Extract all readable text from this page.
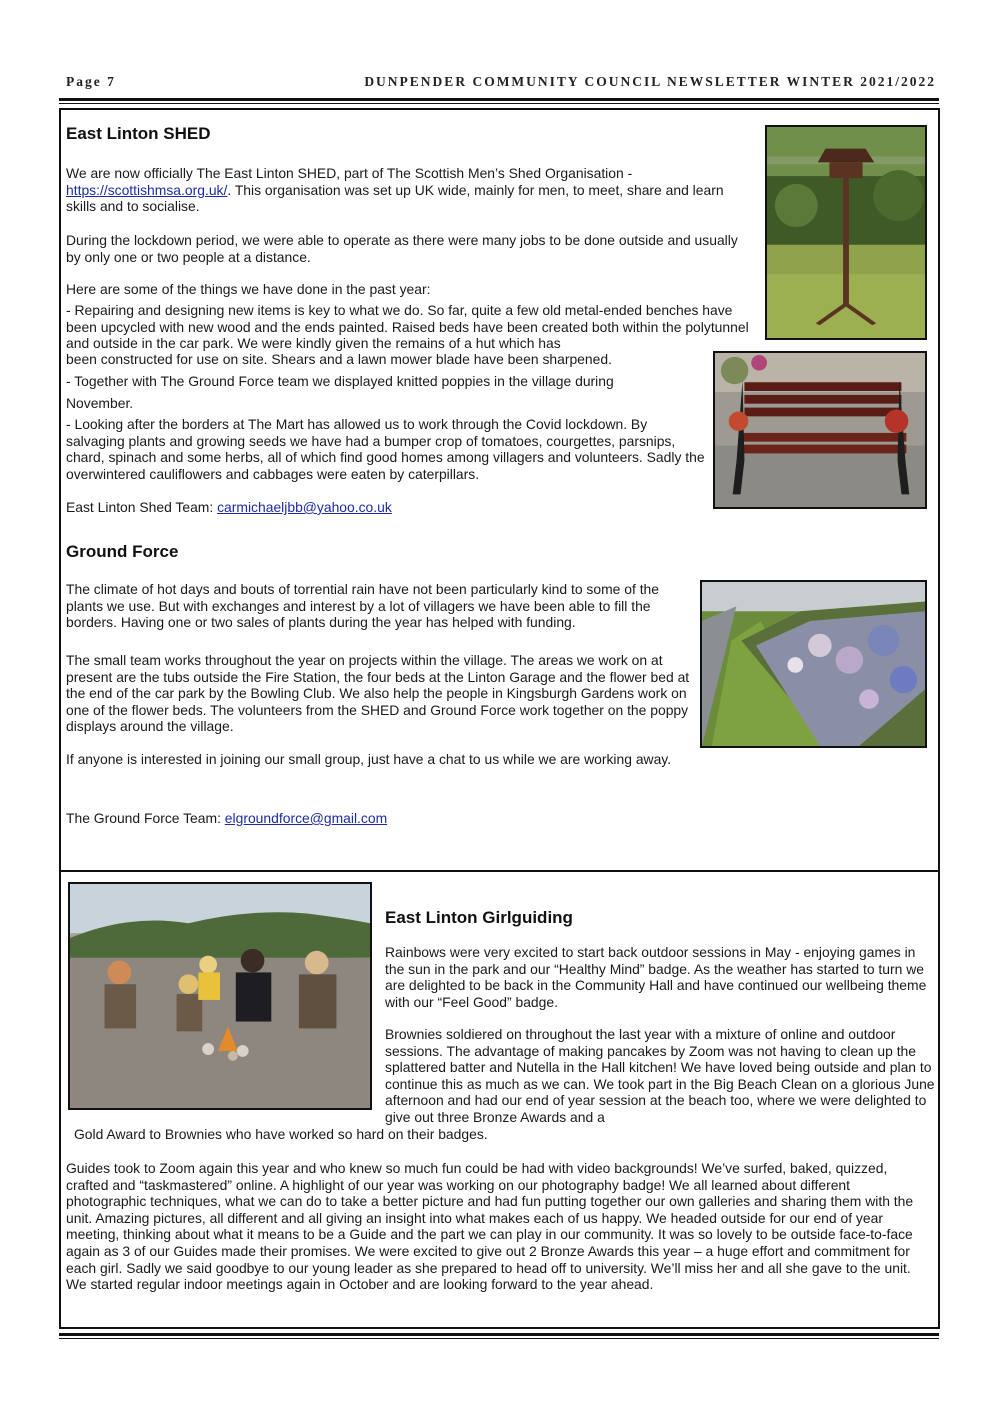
Page 7	DUNPENDER COMMUNITY COUNCIL NEWSLETTER WINTER 2021/2022
East Linton SHED

We are now officially The East Linton SHED, part of The Scottish Men’s Shed Organisation -
https://scottishmsa.org.uk/. This organisation was set up UK wide, mainly for men, to meet, share and learn skills and to socialise.

During the lockdown period, we were able to operate as there were many jobs to be done outside and usually by only one or two people at a distance.

Here are some of the things we have done in the past year:

- Repairing and designing new items is key to what we do. So far, quite a few old metal-ended benches have been upcycled with new wood and the ends painted. Raised beds have been created both within the polytunnel and outside in the car park. We were kindly given the remains of a hut which has

been constructed for use on site. Shears and a lawn mower blade have been sharpened.

- Together with The Ground Force team we displayed knitted poppies in the village during

November.

- Looking after the borders at The Mart has allowed us to work through the Covid lockdown. By salvaging plants and growing seeds we have had a bumper crop of tomatoes, courgettes, parsnips, chard, spinach and some herbs, all of which find good homes among villagers and volunteers. Sadly the overwintered cauliflowers and cabbages were eaten by caterpillars.

East Linton Shed Team: carmichaeljbb@yahoo.co.uk

Ground Force

The climate of hot days and bouts of torrential rain have not been particularly kind to some of the plants we use. But with exchanges and interest by a lot of villagers we have been able to fill the borders. Having one or two sales of plants during the year has helped with funding.

The small team works throughout the year on projects within the village. The areas we work on at present are the tubs outside the Fire Station, the four beds at the Linton Garage and the flower bed at the end of the car park by the Bowling Club. We also help the people in Kingsburgh Gardens work on one of the flower beds. The volunteers from the SHED and Ground Force work together on the poppy displays around the village.

If anyone is interested in joining our small group, just have a chat to us while we are working away.

The Ground Force Team: elgroundforce@gmail.com

East Linton Girlguiding

Rainbows were very excited to start back outdoor sessions in May - enjoying games in the sun in the park and our “Healthy Mind” badge. As the weather has started to turn we are delighted to be back in the Community Hall and have continued our wellbeing theme with our “Feel Good” badge.

Brownies soldiered on throughout the last year with a mixture of online and outdoor sessions. The advantage of making pancakes by Zoom was not having to clean up the splattered batter and Nutella in the Hall kitchen! We have loved being outside and plan to continue this as much as we can. We took part in the Big Beach Clean on a glorious June afternoon and had our end of year session at the beach too, where we were delighted to give out three Bronze Awards and a

Gold Award to Brownies who have worked so hard on their badges.

Guides took to Zoom again this year and who knew so much fun could be had with video backgrounds! We’ve surfed, baked, quizzed, crafted and “taskmastered” online. A highlight of our year was working on our photography badge! We all learned about different photographic techniques, what we can do to take a better picture and had fun putting together our own galleries and sharing them with the unit. Amazing pictures, all different and all giving an insight into what makes each of us happy. We headed outside for our end of year meeting, thinking about what it means to be a Guide and the part we can play in our community. It was so lovely to be outside face-to-face again as 3 of our Guides made their promises. We were excited to give out 2 Bronze Awards this year – a huge effort and commitment for each girl. Sadly we said goodbye to our young leader as she prepared to head off to university. We’ll miss her and all she gave to the unit. We started regular indoor meetings again in October and are looking forward to the year ahead.
